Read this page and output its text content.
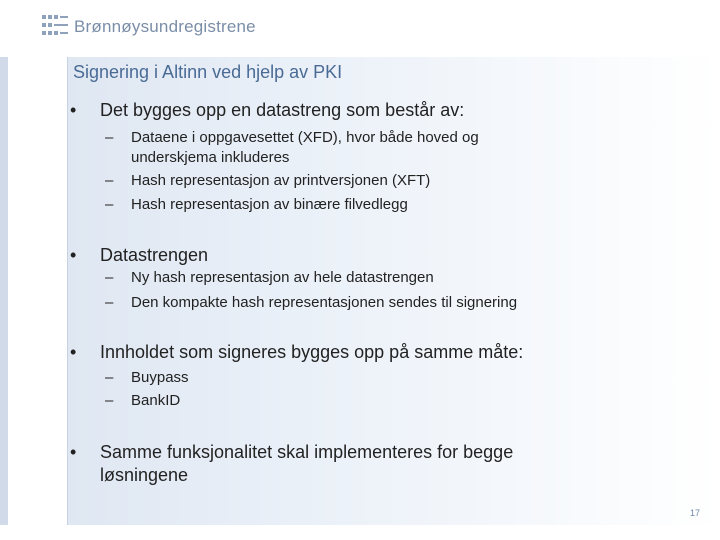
Brønnøysundregistrene
Signering i Altinn ved hjelp av PKI
• Det bygges opp en datastreng som består av:
– Dataene i oppgavesettet (XFD), hvor både hoved og
underskjema inkluderes
– Hash representasjon av printversjonen (XFT)
– Hash representasjon av binære filvedlegg
• Datastrengen
– Ny hash representasjon av hele datastrengen
– Den kompakte hash representasjonen sendes til signering
• Innholdet som signeres bygges opp på samme måte:
– Buypass
– BankID
• Samme funksjonalitet skal implementeres for begge
løsningene
17
